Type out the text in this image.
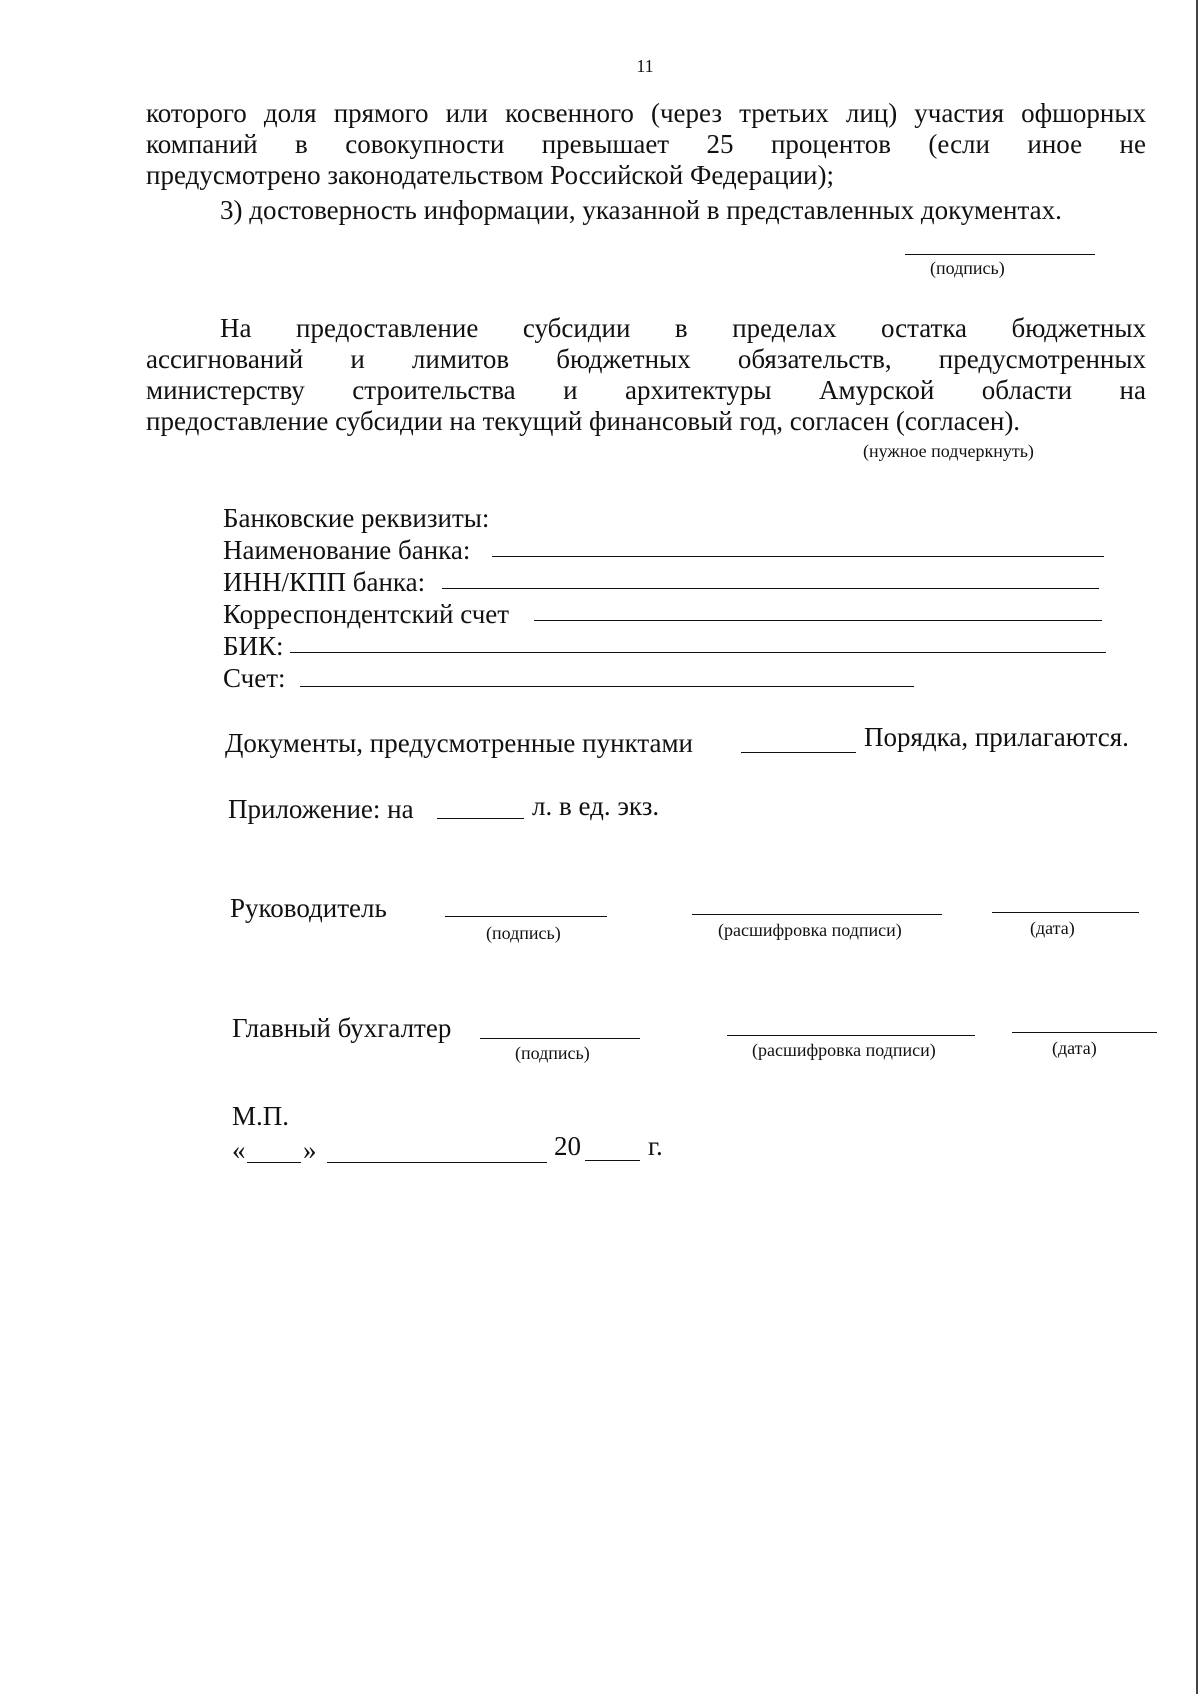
11
которого доля прямого или косвенного (через третьих лиц) участия офшорных
компаний в совокупности превышает 25 процентов (если иное не
предусмотрено законодательством Российской Федерации);
3) достоверность информации, указанной в представленных документах.
(подпись)
На предоставление субсидии в пределах остатка бюджетных
ассигнований и лимитов бюджетных обязательств, предусмотренных
министерству строительства и архитектуры Амурской области на
предоставление субсидии на текущий финансовый год, согласен (согласен).
(нужное подчеркнуть)
Банковские реквизиты:
Наименование банка:
ИНН/КПП банка:
Корреспондентский счет
БИК:
Счет:
Документы, предусмотренные пунктами	Порядка, прилагаются.
Приложение: на	л. в ед. экз.
Руководитель
(подпись)	(расшифровка подписи)	(дата)
Главный бухгалтер
(подпись)	(расшифровка подписи)	(дата)
М.П.
« »	20 г.
